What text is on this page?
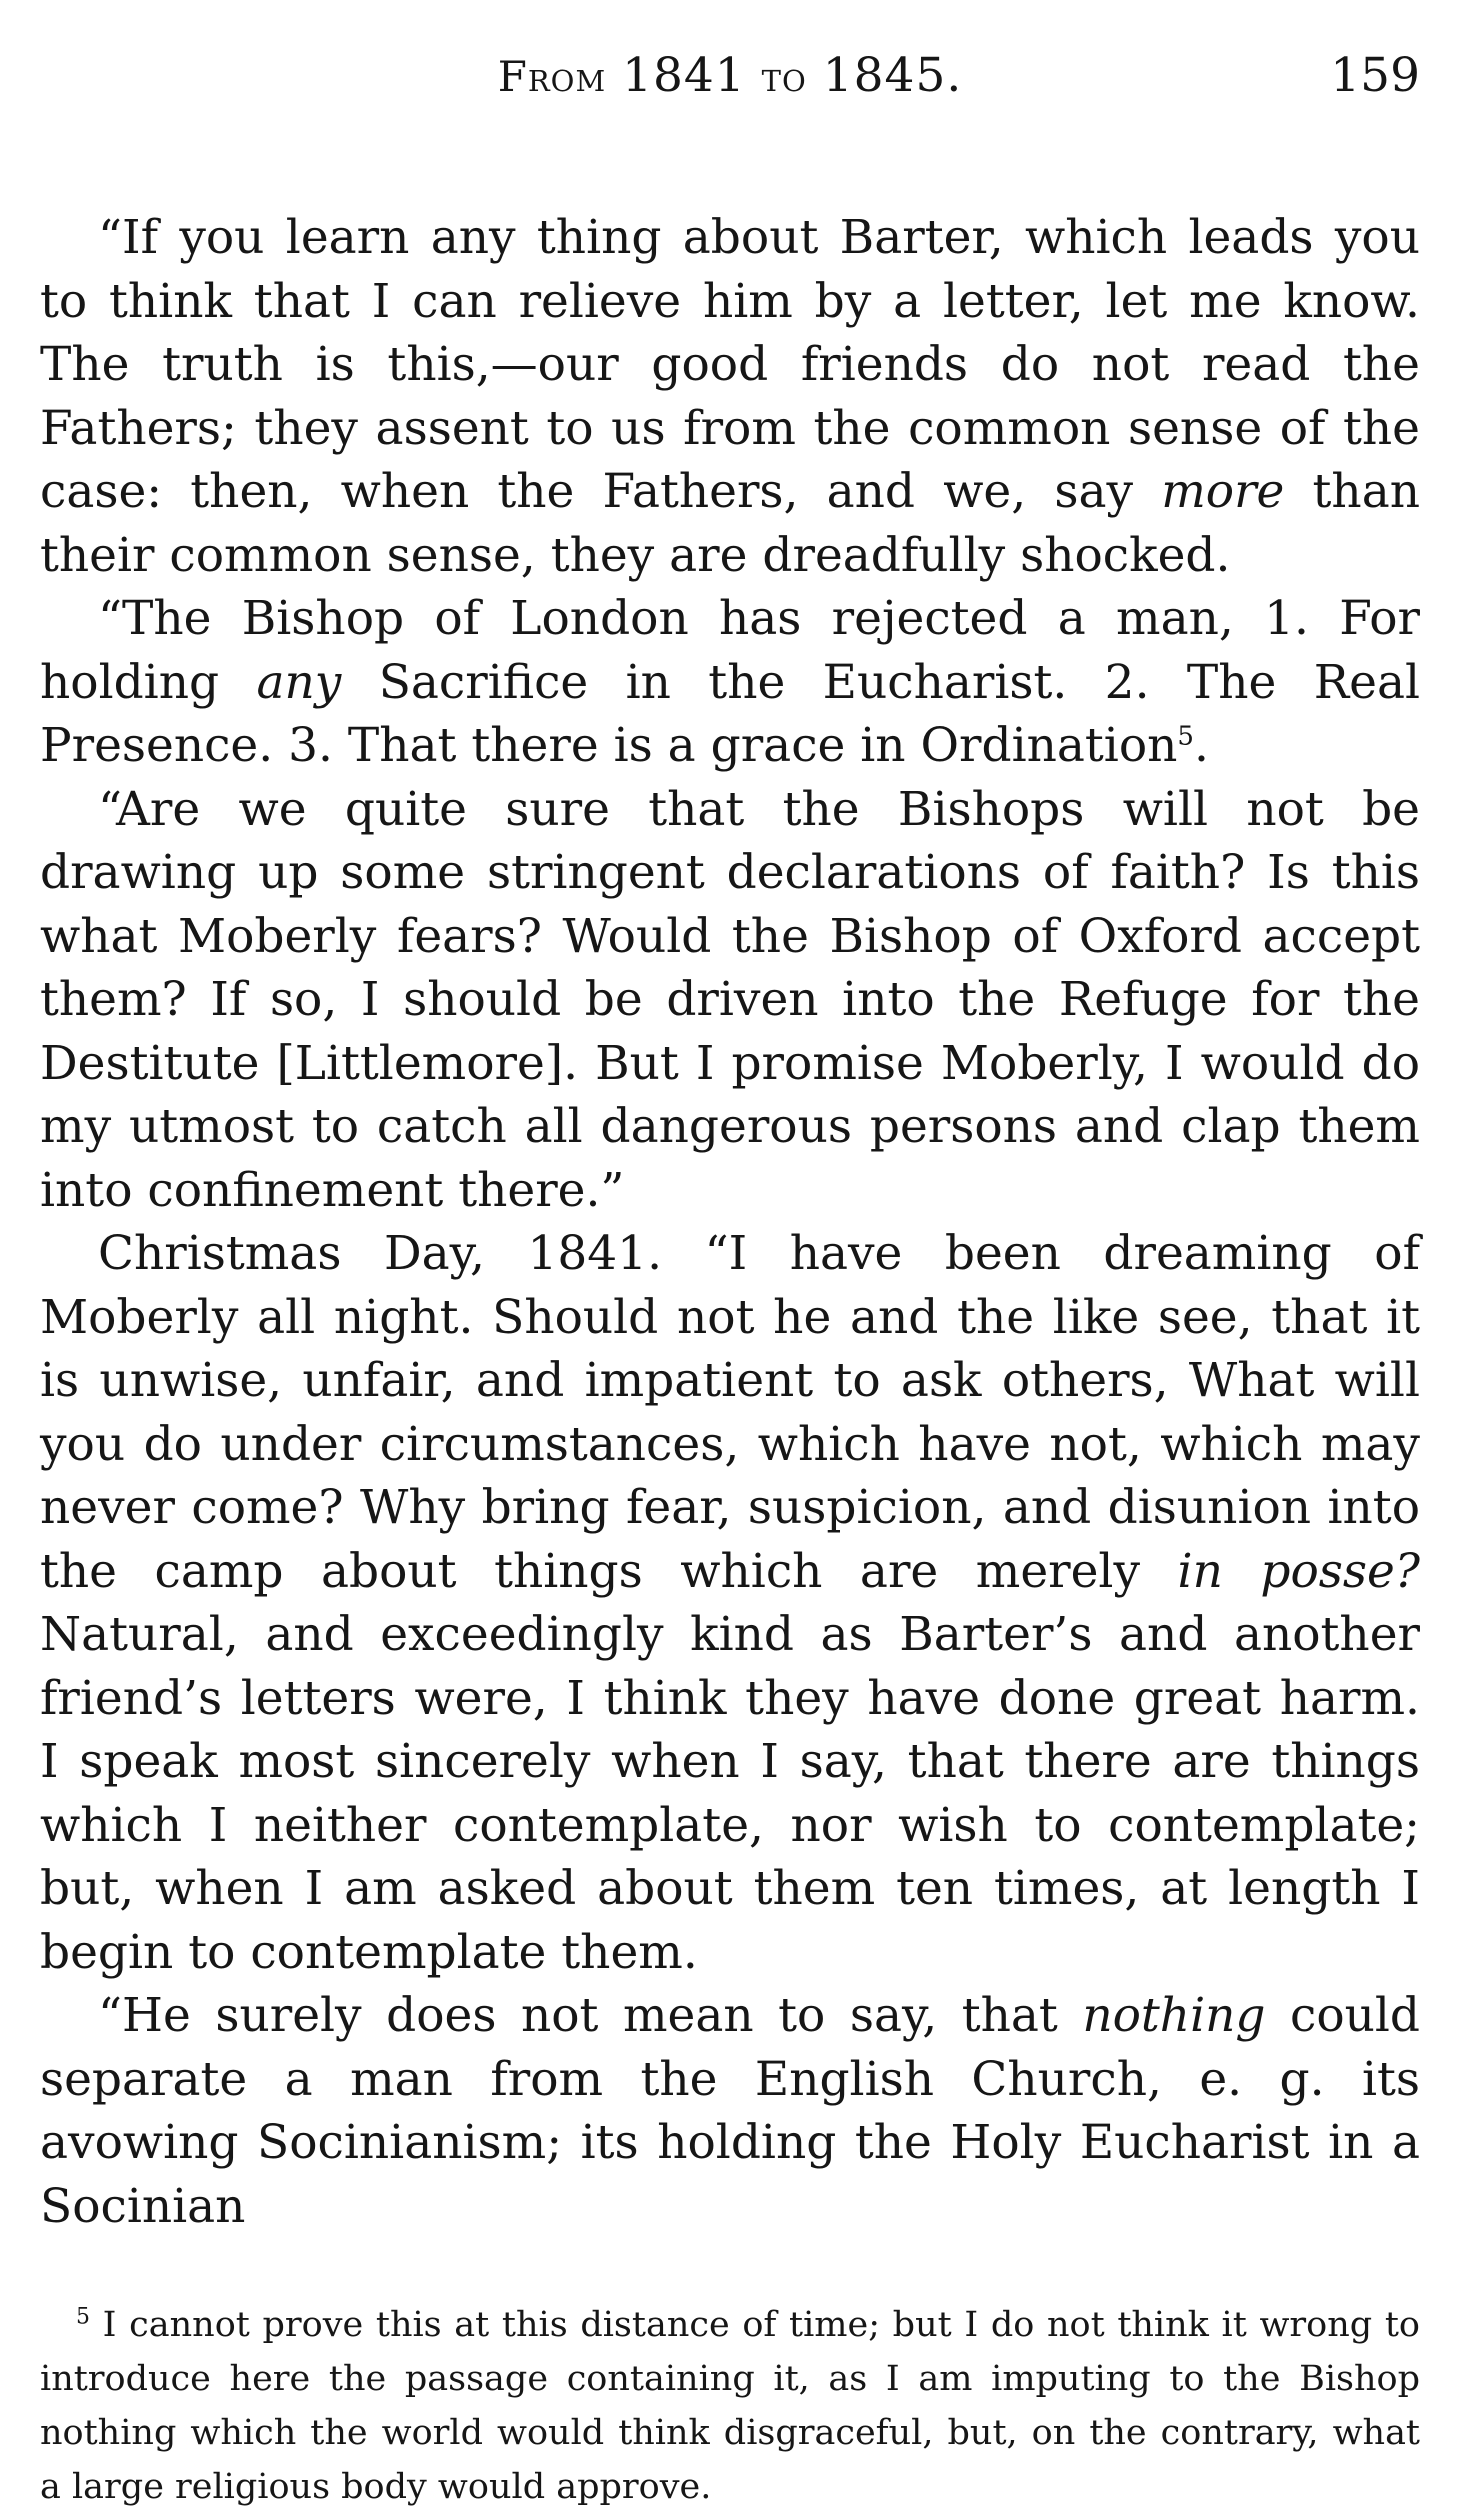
From 1841 to 1845.	159

“If you learn any thing about Barter, which leads you to think that I can relieve him by a letter, let me know. The truth is this,—our good friends do not read the Fathers; they assent to us from the common sense of the case: then, when the Fathers, and we, say more than their common sense, they are dreadfully shocked.

“The Bishop of London has rejected a man, 1. For holding any Sacrifice in the Eucharist. 2. The Real Presence. 3. That there is a grace in Ordination$^5$.

“Are we quite sure that the Bishops will not be drawing up some stringent declarations of faith? Is this what Moberly fears? Would the Bishop of Oxford accept them? If so, I should be driven into the Refuge for the Destitute [Littlemore]. But I promise Moberly, I would do my utmost to catch all dangerous persons and clap them into confinement there.”

Christmas Day, 1841. “I have been dreaming of Moberly all night. Should not he and the like see, that it is unwise, unfair, and impatient to ask others, What will you do under circumstances, which have not, which may never come? Why bring fear, suspicion, and disunion into the camp about things which are merely in posse? Natural, and exceedingly kind as Barter’s and another friend’s letters were, I think they have done great harm. I speak most sincerely when I say, that there are things which I neither contemplate, nor wish to contemplate; but, when I am asked about them ten times, at length I begin to contemplate them.

“He surely does not mean to say, that nothing could separate a man from the English Church, e. g. its avowing Socinianism; its holding the Holy Eucharist in a Socinian

$^5$ I cannot prove this at this distance of time; but I do not think it wrong to introduce here the passage containing it, as I am imputing to the Bishop nothing which the world would think disgraceful, but, on the contrary, what a large religious body would approve.
